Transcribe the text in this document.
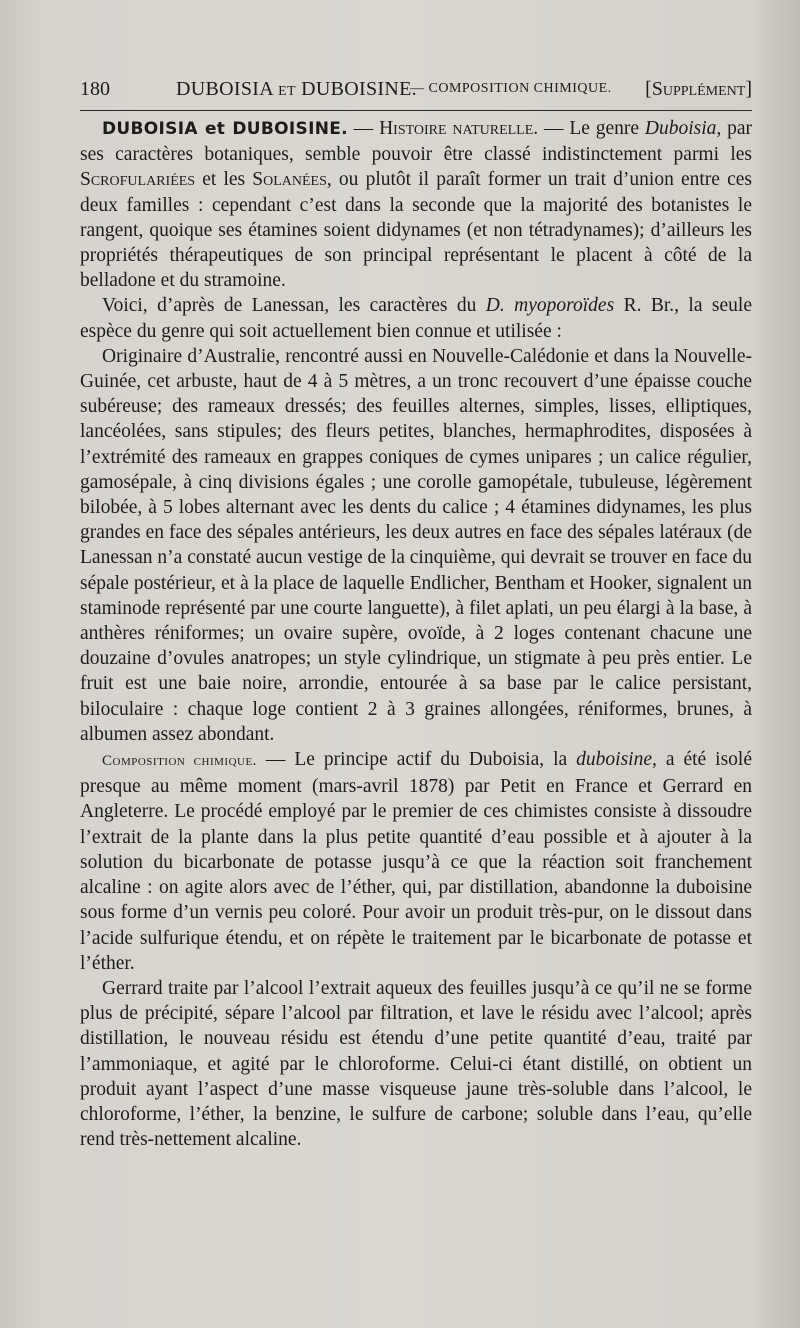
180	DUBOISIA ET DUBOISINE.
— COMPOSITION CHIMIQUE. [Supplément]

DUBOISIA et DUBOISINE. — Histoire naturelle. — Le genre Duboisia, par ses caractères botaniques, semble pouvoir être classé indistinctement parmi les Scrofulariées et les Solanées, ou plutôt il paraît former un trait d’union entre ces deux familles : cependant c’est dans la seconde que la majorité des botanistes le rangent, quoique ses étamines soient didynames (et non tétradynames); d’ailleurs les propriétés thérapeutiques de son principal représentant le placent à côté de la belladone et du stramoine.

Voici, d’après de Lanessan, les caractères du D. myoporoïdes R. Br., la seule espèce du genre qui soit actuellement bien connue et utilisée :

Originaire d’Australie, rencontré aussi en Nouvelle-Calédonie et dans la Nouvelle-Guinée, cet arbuste, haut de 4 à 5 mètres, a un tronc recouvert d’une épaisse couche subéreuse; des rameaux dressés; des feuilles alternes, simples, lisses, elliptiques, lancéolées, sans stipules; des fleurs petites, blanches, hermaphrodites, disposées à l’extrémité des rameaux en grappes coniques de cymes unipares ; un calice régulier, gamosépale, à cinq divisions égales ; une corolle gamopétale, tubuleuse, légèrement bilobée, à 5 lobes alternant avec les dents du calice ; 4 étamines didynames, les plus grandes en face des sépales antérieurs, les deux autres en face des sépales latéraux (de Lanessan n’a constaté aucun vestige de la cinquième, qui devrait se trouver en face du sépale postérieur, et à la place de laquelle Endlicher, Bentham et Hooker, signalent un staminode représenté par une courte languette), à filet aplati, un peu élargi à la base, à anthères réniformes; un ovaire supère, ovoïde, à 2 loges contenant chacune une douzaine d’ovules anatropes; un style cylindrique, un stigmate à peu près entier. Le fruit est une baie noire, arrondie, entourée à sa base par le calice persistant, biloculaire : chaque loge contient 2 à 3 graines allongées, réniformes, brunes, à albumen assez abondant.

Composition chimique. — Le principe actif du Duboisia, la duboisine, a été isolé presque au même moment (mars-avril 1878) par Petit en France et Gerrard en Angleterre. Le procédé employé par le premier de ces chimistes consiste à dissoudre l’extrait de la plante dans la plus petite quantité d’eau possible et à ajouter à la solution du bicarbonate de potasse jusqu’à ce que la réaction soit franchement alcaline : on agite alors avec de l’éther, qui, par distillation, abandonne la duboisine sous forme d’un vernis peu coloré. Pour avoir un produit très-pur, on le dissout dans l’acide sulfurique étendu, et on répète le traitement par le bicarbonate de potasse et l’éther.

Gerrard traite par l’alcool l’extrait aqueux des feuilles jusqu’à ce qu’il ne se forme plus de précipité, sépare l’alcool par filtration, et lave le résidu avec l’alcool; après distillation, le nouveau résidu est étendu d’une petite quantité d’eau, traité par l’ammoniaque, et agité par le chloroforme. Celui-ci étant distillé, on obtient un produit ayant l’aspect d’une masse visqueuse jaune très-soluble dans l’alcool, le chloroforme, l’éther, la benzine, le sulfure de carbone; soluble dans l’eau, qu’elle rend très-nettement alcaline.
